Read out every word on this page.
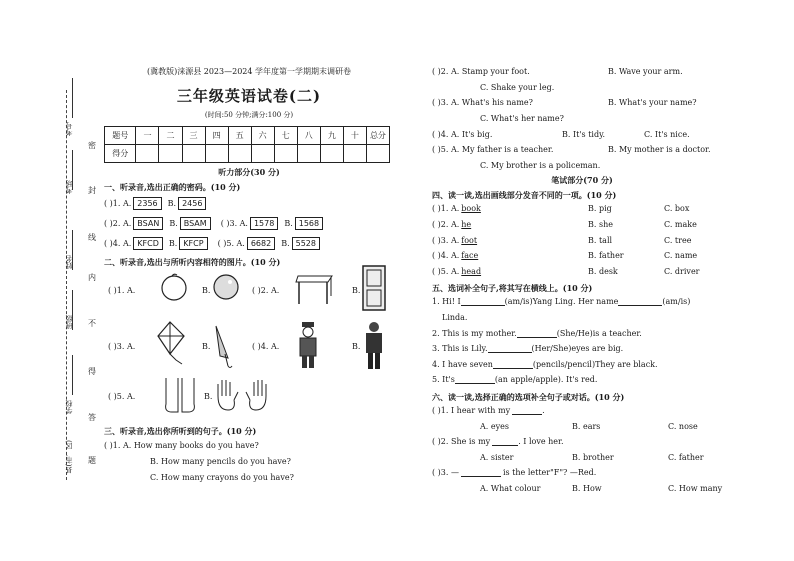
考号
考场
姓名
班级
学校
县(市、区)
密
封
线
内
不
得
答
题
(冀教版)涞源县 2023—2024 学年度第一学期期末调研卷
三年级英语试卷(二)
(时间:50 分钟;满分:100 分)
题号	一	二	三	四	五	六	七	八	九	十	总分
得分											
听力部分(30 分)
一、听录音,选出正确的密码。(10 分)
( )1. A. 2356	B. 2456
( )2. A. BSAN	B. BSAM	( )3. A. 1578	B. 1568
( )4. A. KFCD	B. KFCP	( )5. A. 6682	B. 5528
二、听录音,选出与所听内容相符的图片。(10 分)
( )1. A.	B.	( )2. A.	B.
( )3. A.	B.	( )4. A.	B.
( )5. A.	B.
三、听录音,选出你所听到的句子。(10 分)
( )1. A. How many books do you have?
B. How many pencils do you have?
C. How many crayons do you have?
( )2. A. Stamp your foot.	B. Wave your arm.
C. Shake your leg.
( )3. A. What's his name?	B. What's your name?
C. What's her name?
( )4. A. It's big.	B. It's tidy.	C. It's nice.
( )5. A. My father is a teacher.	B. My mother is a doctor.
C. My brother is a policeman.
笔试部分(70 分)
四、读一读,选出画线部分发音不同的一项。(10 分)
( )1. A. book	B. pig	C. box
( )2. A. he	B. she	C. make
( )3. A. foot	B. tall	C. tree
( )4. A. face	B. father	C. name
( )5. A. head	B. desk	C. driver
五、选词补全句子,将其写在横线上。(10 分)
1. Hi! I	(am/is)Yang Ling. Her name	(am/is)
Linda.
2. This is my mother.	(She/He)is a teacher.
3. This is Lily.	(Her/She)eyes are big.
4. I have seven	(pencils/pencil)They are black.
5. It's	(an apple/apple). It's red.
六、读一读,选择正确的选项补全句子或对话。(10 分)
( )1. I hear with my	.
A. eyes	B. ears	C. nose
( )2. She is my	. I love her.
A. sister	B. brother	C. father
( )3. —	is the letter"F"? —Red.
A. What colour	B. How	C. How many
